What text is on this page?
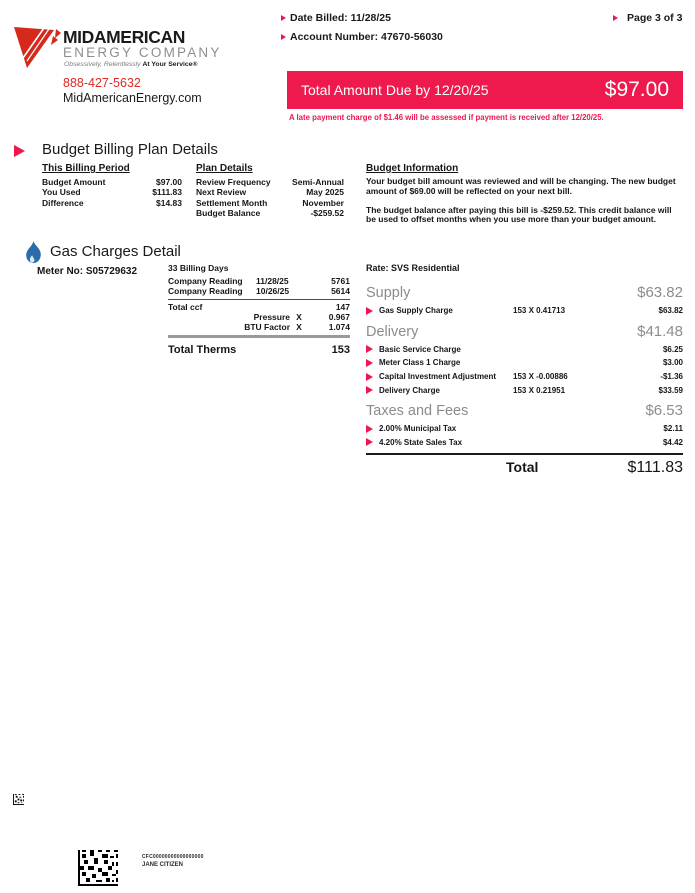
MIDAMERICAN
ENERGY COMPANY
Obsessively, Relentlessly At Your Service®
888-427-5632
MidAmericanEnergy.com
Date Billed: 11/28/25
Account Number: 47670-56030
Page 3 of 3
Total Amount Due by 12/20/25	$97.00
A late payment charge of $1.46 will be assessed if payment is received after 12/20/25.
Budget Billing Plan Details
This Billing Period
Budget Amount	$97.00
You Used	$111.83
Difference	$14.83
Plan Details
Review Frequency	Semi-Annual
Next Review	May 2025
Settlement Month	November
Budget Balance	-$259.52
Budget Information

Your budget bill amount was reviewed and will be changing. The new budget amount of $69.00 will be reflected on your next bill.

The budget balance after paying this bill is -$259.52. This credit balance will be used to offset months when you use more than your budget amount.

Gas Charges Detail
Meter No: S05729632	33 Billing Days
Company Reading	11/28/25	5761
Company Reading	10/26/25	5614
Total ccf	147
Pressure X	0.967
BTU Factor X	1.074
Total Therms	153
Rate: SVS Residential
Supply	$63.82
Gas Supply Charge	153 X 0.41713	$63.82
Delivery	$41.48
Basic Service Charge	$6.25
Meter Class 1 Charge	$3.00
Capital Investment Adjustment	153 X -0.00886	-$1.36
Delivery Charge	153 X 0.21951	$33.59
Taxes and Fees	$6.53
2.00% Municipal Tax	$2.11
4.20% State Sales Tax	$4.42
Total	$111.83
CFC00000000000000000
JANE CITIZEN
